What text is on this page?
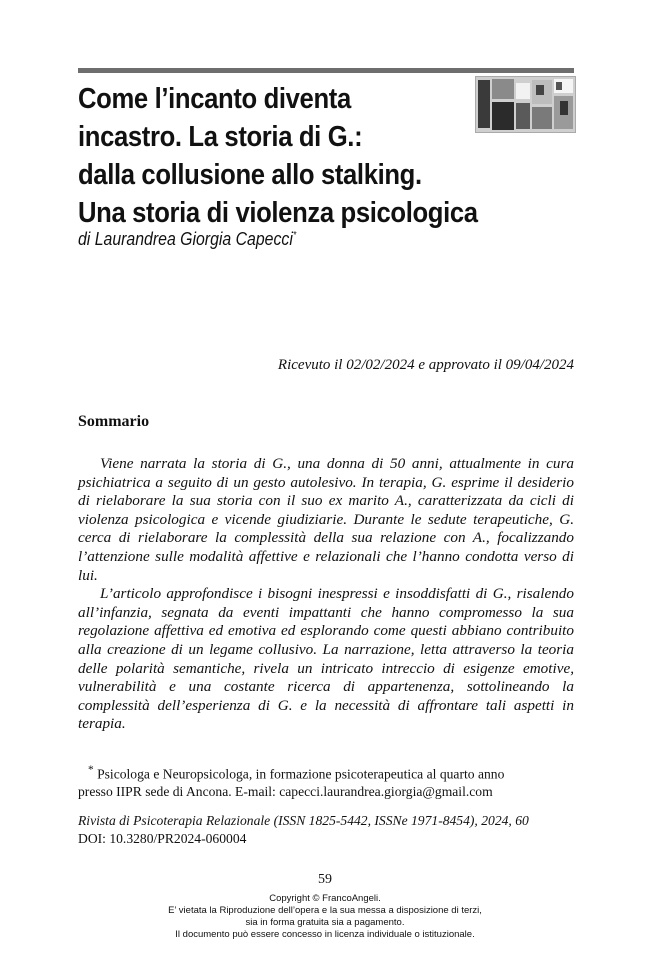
Come l’incanto diventa
incastro. La storia di G.:
dalla collusione allo stalking.
Una storia di violenza psicologica

di Laurandrea Giorgia Capecci*

Ricevuto il 02/02/2024 e approvato il 09/04/2024

Sommario

Viene narrata la storia di G., una donna di 50 anni, attualmente in cura psichiatrica a seguito di un gesto autolesivo. In terapia, G. esprime il desiderio di rielaborare la sua storia con il suo ex marito A., caratterizzata da cicli di violenza psicologica e vicende giudiziarie. Durante le sedute terapeutiche, G. cerca di rielaborare la complessità della sua relazione con A., focalizzando l’attenzione sulle modalità affettive e relazionali che l’hanno condotta verso di lui.

L’articolo approfondisce i bisogni inespressi e insoddisfatti di G., risalendo all’infanzia, segnata da eventi impattanti che hanno compromesso la sua regolazione affettiva ed emotiva ed esplorando come questi abbiano contribuito alla creazione di un legame collusivo. La narrazione, letta attraverso la teoria delle polarità semantiche, rivela un intricato intreccio di esigenze emotive, vulnerabilità e una costante ricerca di appartenenza, sottolineando la complessità dell’esperienza di G. e la necessità di affrontare tali aspetti in terapia.

* Psicologa e Neuropsicologa, in formazione psicoterapeutica al quarto anno
presso IIPR sede di Ancona. E-mail: capecci.laurandrea.giorgia@gmail.com
Rivista di Psicoterapia Relazionale (ISSN 1825-5442, ISSNe 1971-8454), 2024, 60
DOI: 10.3280/PR2024-060004
59
Copyright © FrancoAngeli.
E’ vietata la Riproduzione dell’opera e la sua messa a disposizione di terzi,
sia in forma gratuita sia a pagamento.
Il documento può essere concesso in licenza individuale o istituzionale.
